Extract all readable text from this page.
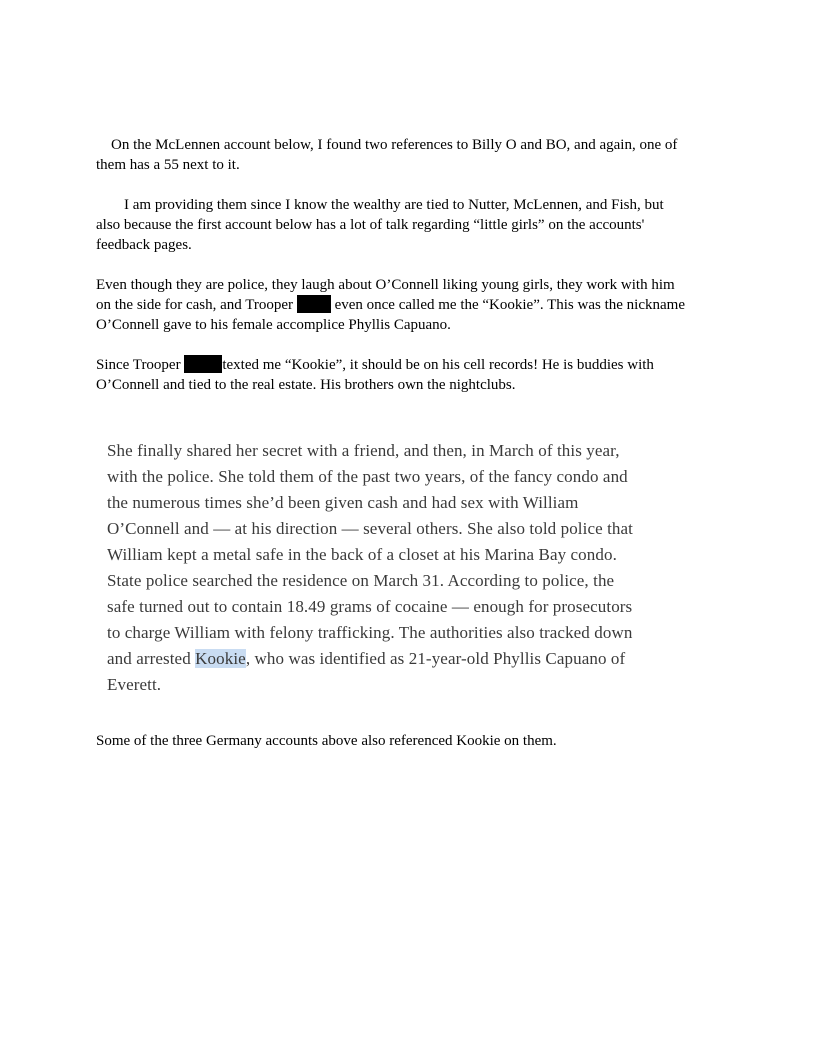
On the McLennen account below, I found two references to Billy O and BO, and again, one of
them has a 55 next to it.
I am providing them since I know the wealthy are tied to Nutter, McLennen, and Fish, but
also because the first account below has a lot of talk regarding “little girls” on the accounts'
feedback pages.
Even though they are police, they laugh about O’Connell liking young girls, they work with him
on the side for cash, and Trooper  even once called me the “Kookie”. This was the nickname
O’Connell gave to his female accomplice Phyllis Capuano.
Since Trooper	texted me “Kookie”, it should be on his cell records! He is buddies with
O’Connell and tied to the real estate. His brothers own the nightclubs.
She finally shared her secret with a friend, and then, in March of this year,
with the police. She told them of the past two years, of the fancy condo and
the numerous times she’d been given cash and had sex with William
O’Connell and — at his direction — several others. She also told police that
William kept a metal safe in the back of a closet at his Marina Bay condo.
State police searched the residence on March 31. According to police, the
safe turned out to contain 18.49 grams of cocaine — enough for prosecutors
to charge William with felony trafficking. The authorities also tracked down
and arrested Kookie, who was identified as 21-year-old Phyllis Capuano of
Everett.
Some of the three Germany accounts above also referenced Kookie on them.
